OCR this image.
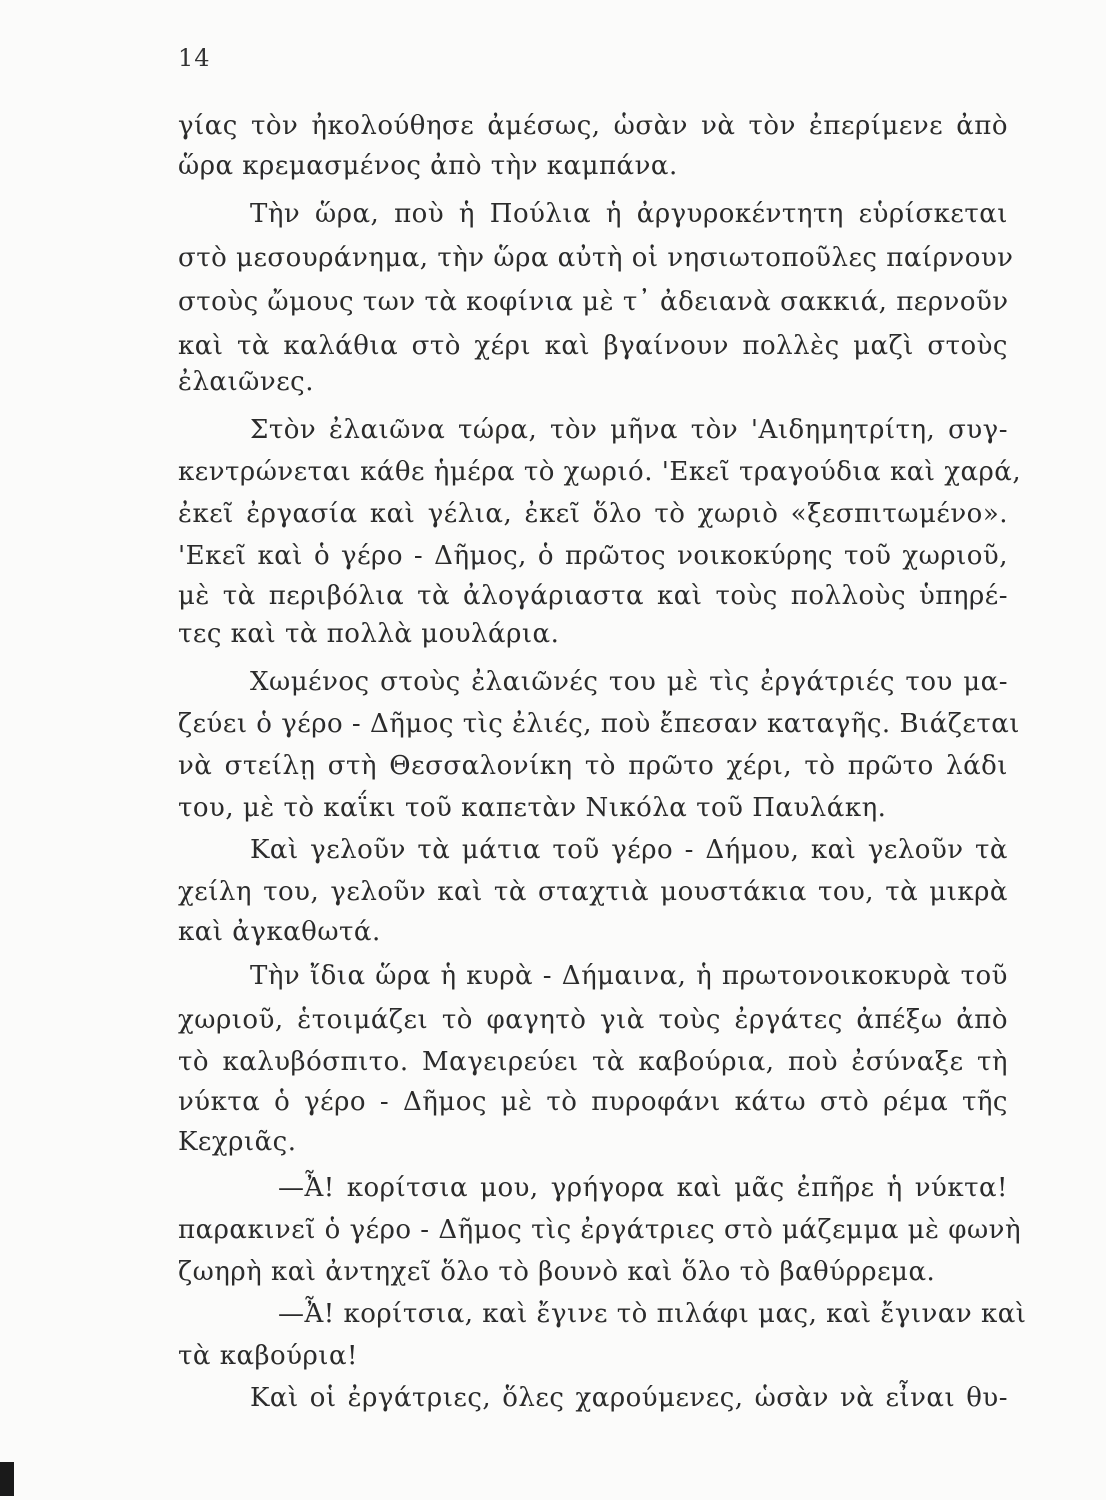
14
γίας τὸν ἠκολούθησε ἀμέσως, ὡσὰν νὰ τὸν ἐπερίμενε ἀπὸ
ὥρα κρεμασμένος ἀπὸ τὴν καμπάνα.
Τὴν ὥρα, ποὺ ἡ Πούλια ἡ ἀργυροκέντητη εὑρίσκεται
στὸ μεσουράνημα, τὴν ὥρα αὐτὴ οἱ νησιωτοποῦλες παίρνουν
στοὺς ὤμους των τὰ κοφίνια μὲ τ᾽ ἀδειανὰ σακκιά, περνοῦν
καὶ τὰ καλάθια στὸ χέρι καὶ βγαίνουν πολλὲς μαζὶ στοὺς
ἐλαιῶνες.
Στὸν ἐλαιῶνα τώρα, τὸν μῆνα τὸν 'Αιδημητρίτη, συγ-
κεντρώνεται κάθε ἡμέρα τὸ χωριό. 'Εκεῖ τραγούδια καὶ χαρά,
ἐκεῖ ἐργασία καὶ γέλια, ἐκεῖ ὅλο τὸ χωριὸ «ξεσπιτωμένο».
'Εκεῖ καὶ ὁ γέρο - Δῆμος, ὁ πρῶτος νοικοκύρης τοῦ χωριοῦ,
μὲ τὰ περιβόλια τὰ ἀλογάριαστα καὶ τοὺς πολλοὺς ὑπηρέ-
τες καὶ τὰ πολλὰ μουλάρια.
Χωμένος στοὺς ἐλαιῶνές του μὲ τὶς ἐργάτριές του μα-
ζεύει ὁ γέρο - Δῆμος τὶς ἐλιές, ποὺ ἔπεσαν καταγῆς. Βιάζεται
νὰ στείλῃ στὴ Θεσσαλονίκη τὸ πρῶτο χέρι, τὸ πρῶτο λάδι
του, μὲ τὸ καΐκι τοῦ καπετὰν Νικόλα τοῦ Παυλάκη.
Καὶ γελοῦν τὰ μάτια τοῦ γέρο - Δήμου, καὶ γελοῦν τὰ
χείλη του, γελοῦν καὶ τὰ σταχτιὰ μουστάκια του, τὰ μικρὰ
καὶ ἀγκαθωτά.
Τὴν ἴδια ὥρα ἡ κυρὰ - Δήμαινα, ἡ πρωτονοικοκυρὰ τοῦ
χωριοῦ, ἑτοιμάζει τὸ φαγητὸ γιὰ τοὺς ἐργάτες ἀπέξω ἀπὸ
τὸ καλυβόσπιτο. Μαγειρεύει τὰ καβούρια, ποὺ ἐσύναξε τὴ
νύκτα ὁ γέρο - Δῆμος μὲ τὸ πυροφάνι κάτω στὸ ρέμα τῆς
Κεχριᾶς.
—Ἆ! κορίτσια μου, γρήγορα καὶ μᾶς ἐπῆρε ἡ νύκτα!
παρακινεῖ ὁ γέρο - Δῆμος τὶς ἐργάτριες στὸ μάζεμμα μὲ φωνὴ
ζωηρὴ καὶ ἀντηχεῖ ὅλο τὸ βουνὸ καὶ ὅλο τὸ βαθύρρεμα.
—Ἆ! κορίτσια, καὶ ἔγινε τὸ πιλάφι μας, καὶ ἔγιναν καὶ
τὰ καβούρια!
Καὶ οἱ ἐργάτριες, ὅλες χαρούμενες, ὡσὰν νὰ εἶναι θυ-
